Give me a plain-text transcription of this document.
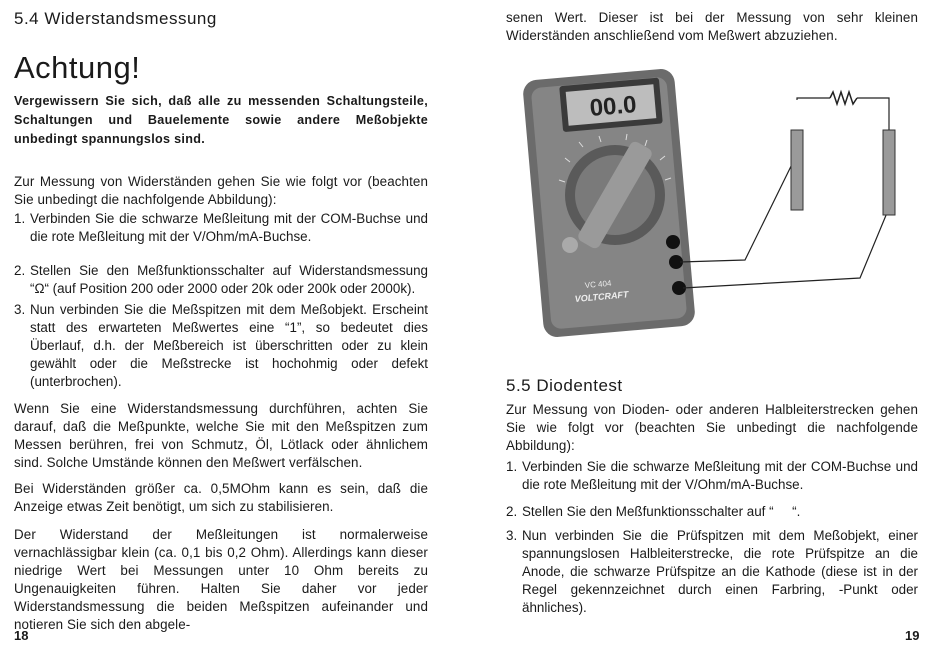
5.4 Widerstandsmessung
Achtung!

Vergewissern Sie sich, daß alle zu messenden Schaltungsteile, Schaltungen und Bauelemente sowie andere Meßobjekte unbedingt spannungslos sind.

Zur Messung von Widerständen gehen Sie wie folgt vor (beachten Sie unbedingt die nachfolgende Abbildung):

1. Verbinden Sie die schwarze Meßleitung mit der COM-Buchse und die rote Meßleitung mit der V/Ohm/mA-Buchse.
2. Stellen Sie den Meßfunktionsschalter auf Widerstandsmessung “Ω“ (auf Position 200 oder 2000 oder 20k oder 200k oder 2000k).
3. Nun verbinden Sie die Meßspitzen mit dem Meßobjekt. Erscheint statt des erwarteten Meßwertes eine “1”, so bedeutet dies Überlauf, d.h. der Meßbereich ist überschritten oder zu klein gewählt oder die Meßstrecke ist hochohmig oder defekt (unterbrochen).

Wenn Sie eine Widerstandsmessung durchführen, achten Sie darauf, daß die Meßpunkte, welche Sie mit den Meßspitzen zum Messen berühren, frei von Schmutz, Öl, Lötlack oder ähnlichem sind. Solche Umstände können den Meßwert verfälschen.

Bei Widerständen größer ca. 0,5MOhm kann es sein, daß die Anzeige etwas Zeit benötigt, um sich zu stabilisieren.

Der Widerstand der Meßleitungen ist normalerweise vernachlässigbar klein (ca. 0,1 bis 0,2 Ohm). Allerdings kann dieser niedrige Wert bei Messungen unter 10 Ohm bereits zu Ungenauigkeiten führen. Halten Sie daher vor jeder Widerstandsmessung die beiden Meßspitzen aufeinander und notieren Sie sich den abgele-

18

senen Wert. Dieser ist bei der Messung von sehr kleinen Widerständen anschließend vom Meßwert abzuziehen.

00.0
VC 404
VOLTCRAFT
5.5 Diodentest

Zur Messung von Dioden- oder anderen Halbleiterstrecken gehen Sie wie folgt vor (beachten Sie unbedingt die nachfolgende Abbildung):

1. Verbinden Sie die schwarze Meßleitung mit der COM-Buchse und die rote Meßleitung mit der V/Ohm/mA-Buchse.
2. Stellen Sie den Meßfunktionsschalter auf “     “.
3. Nun verbinden Sie die Prüfspitzen mit dem Meßobjekt, einer spannungslosen Halbleiterstrecke, die rote Prüfspitze an die Anode, die schwarze Prüfspitze an die Kathode (diese ist in der Regel gekennzeichnet durch einen Farbring, -Punkt oder ähnliches).
19
